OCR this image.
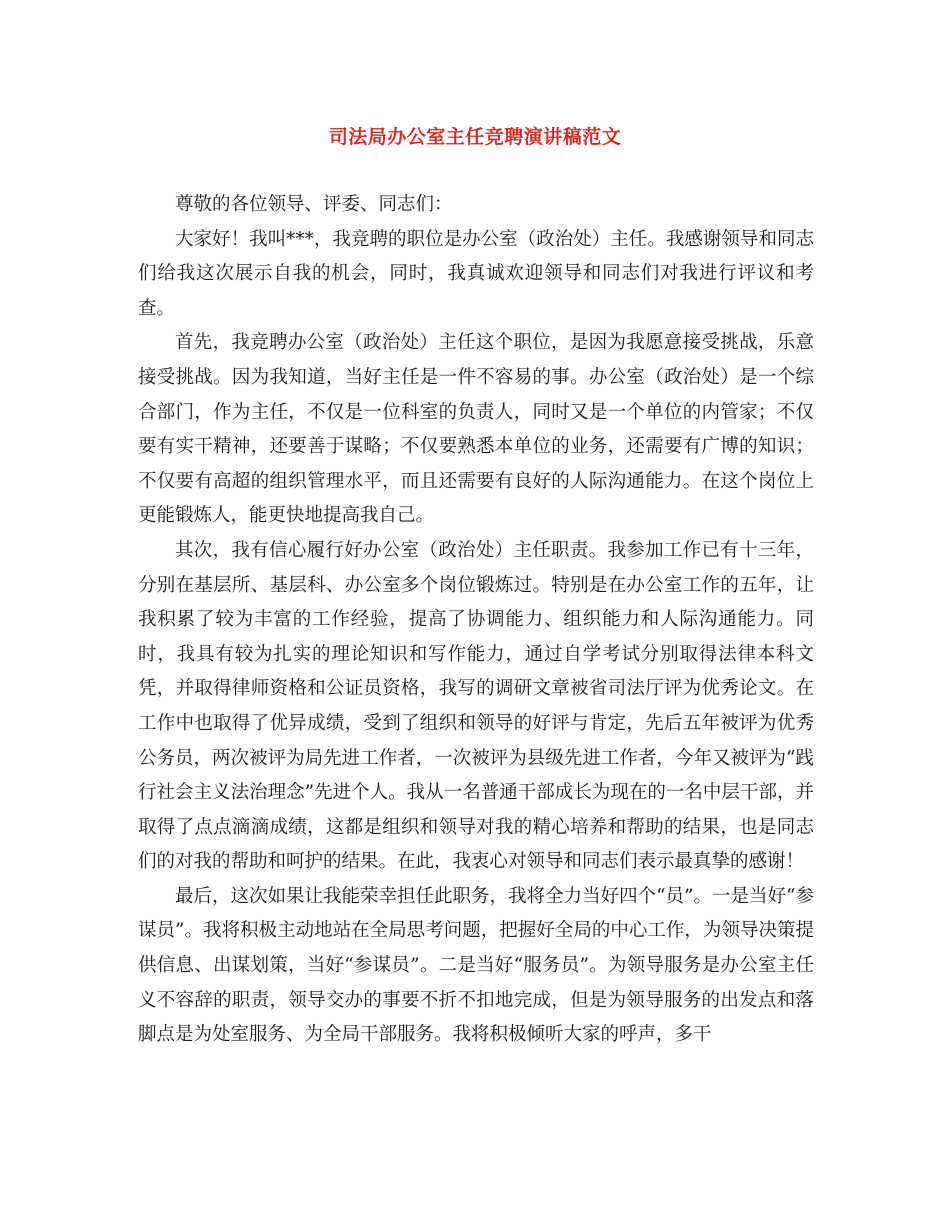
司法局办公室主任竞聘演讲稿范文

尊敬的各位领导、评委、同志们：

大家好！我叫***，我竞聘的职位是办公室（政治处）主任。我感谢领导和同志们给我这次展示自我的机会，同时，我真诚欢迎领导和同志们对我进行评议和考查。

首先，我竞聘办公室（政治处）主任这个职位，是因为我愿意接受挑战，乐意接受挑战。因为我知道，当好主任是一件不容易的事。办公室（政治处）是一个综合部门，作为主任，不仅是一位科室的负责人，同时又是一个单位的内管家；不仅要有实干精神，还要善于谋略；不仅要熟悉本单位的业务，还需要有广博的知识；不仅要有高超的组织管理水平，而且还需要有良好的人际沟通能力。在这个岗位上更能锻炼人，能更快地提高我自己。

其次，我有信心履行好办公室（政治处）主任职责。我参加工作已有十三年，分别在基层所、基层科、办公室多个岗位锻炼过。特别是在办公室工作的五年，让我积累了较为丰富的工作经验，提高了协调能力、组织能力和人际沟通能力。同时，我具有较为扎实的理论知识和写作能力，通过自学考试分别取得法律本科文凭，并取得律师资格和公证员资格，我写的调研文章被省司法厅评为优秀论文。在工作中也取得了优异成绩，受到了组织和领导的好评与肯定，先后五年被评为优秀公务员，两次被评为局先进工作者，一次被评为县级先进工作者，今年又被评为“践行社会主义法治理念”先进个人。我从一名普通干部成长为现在的一名中层干部，并取得了点点滴滴成绩，这都是组织和领导对我的精心培养和帮助的结果，也是同志们的对我的帮助和呵护的结果。在此，我衷心对领导和同志们表示最真挚的感谢！

最后，这次如果让我能荣幸担任此职务，我将全力当好四个“员”。一是当好“参谋员”。我将积极主动地站在全局思考问题，把握好全局的中心工作，为领导决策提供信息、出谋划策，当好“参谋员”。二是当好“服务员”。为领导服务是办公室主任义不容辞的职责，领导交办的事要不折不扣地完成，但是为领导服务的出发点和落脚点是为处室服务、为全局干部服务。我将积极倾听大家的呼声，多干
